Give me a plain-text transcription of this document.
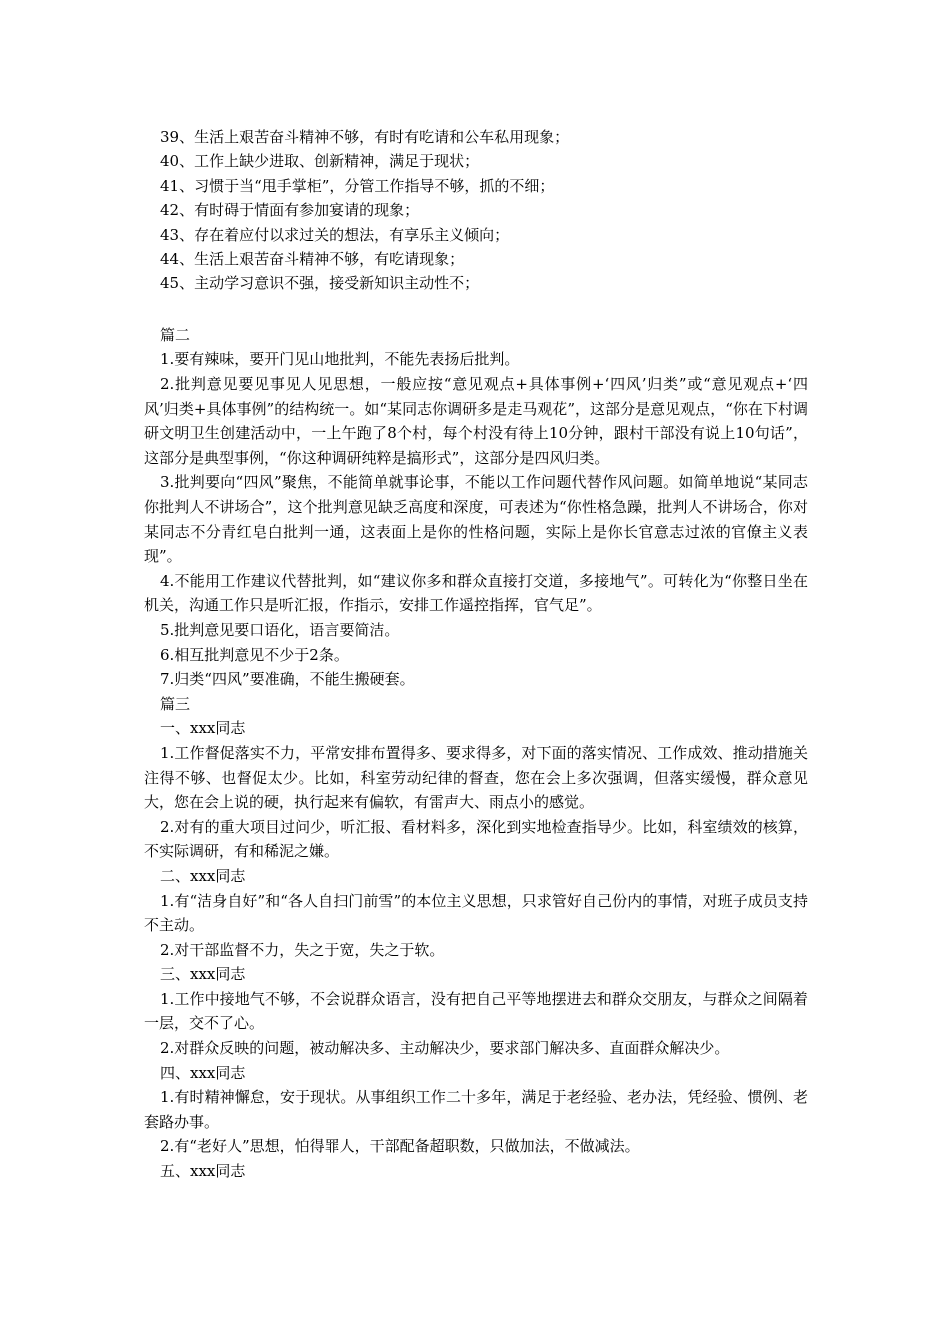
39、生活上艰苦奋斗精神不够，有时有吃请和公车私用现象；

40、工作上缺少进取、创新精神，满足于现状；

41、习惯于当“甩手掌柜”，分管工作指导不够，抓的不细；

42、有时碍于情面有参加宴请的现象；

43、存在着应付以求过关的想法，有享乐主义倾向；

44、生活上艰苦奋斗精神不够，有吃请现象；

45、主动学习意识不强，接受新知识主动性不；

篇二

1.要有辣味，要开门见山地批判，不能先表扬后批判。

2.批判意见要见事见人见思想，一般应按“意见观点+具体事例+‘四风’归类”或“意见观点+‘四风’归类+具体事例”的结构统一。如“某同志你调研多是走马观花”，这部分是意见观点，“你在下村调研文明卫生创建活动中，一上午跑了8个村，每个村没有待上10分钟，跟村干部没有说上10句话”，这部分是典型事例，“你这种调研纯粹是搞形式”，这部分是四风归类。

3.批判要向“四风”聚焦，不能简单就事论事，不能以工作问题代替作风问题。如简单地说“某同志你批判人不讲场合”，这个批判意见缺乏高度和深度，可表述为“你性格急躁，批判人不讲场合，你对某同志不分青红皂白批判一通，这表面上是你的性格问题，实际上是你长官意志过浓的官僚主义表现”。

4.不能用工作建议代替批判，如“建议你多和群众直接打交道，多接地气”。可转化为“你整日坐在机关，沟通工作只是听汇报，作指示，安排工作遥控指挥，官气足”。

5.批判意见要口语化，语言要简洁。

6.相互批判意见不少于2条。

7.归类“四风”要准确，不能生搬硬套。

篇三

一、xxx同志

1.工作督促落实不力，平常安排布置得多、要求得多，对下面的落实情况、工作成效、推动措施关注得不够、也督促太少。比如，科室劳动纪律的督查，您在会上多次强调，但落实缓慢，群众意见大，您在会上说的硬，执行起来有偏软，有雷声大、雨点小的感觉。

2.对有的重大项目过问少，听汇报、看材料多，深化到实地检查指导少。比如，科室绩效的核算，不实际调研，有和稀泥之嫌。

二、xxx同志

1.有“洁身自好”和“各人自扫门前雪”的本位主义思想，只求管好自己份内的事情，对班子成员支持不主动。

2.对干部监督不力，失之于宽，失之于软。

三、xxx同志

1.工作中接地气不够，不会说群众语言，没有把自己平等地摆进去和群众交朋友，与群众之间隔着一层，交不了心。

2.对群众反映的问题，被动解决多、主动解决少，要求部门解决多、直面群众解决少。

四、xxx同志

1.有时精神懈怠，安于现状。从事组织工作二十多年，满足于老经验、老办法，凭经验、惯例、老套路办事。

2.有“老好人”思想，怕得罪人，干部配备超职数，只做加法，不做减法。

五、xxx同志
